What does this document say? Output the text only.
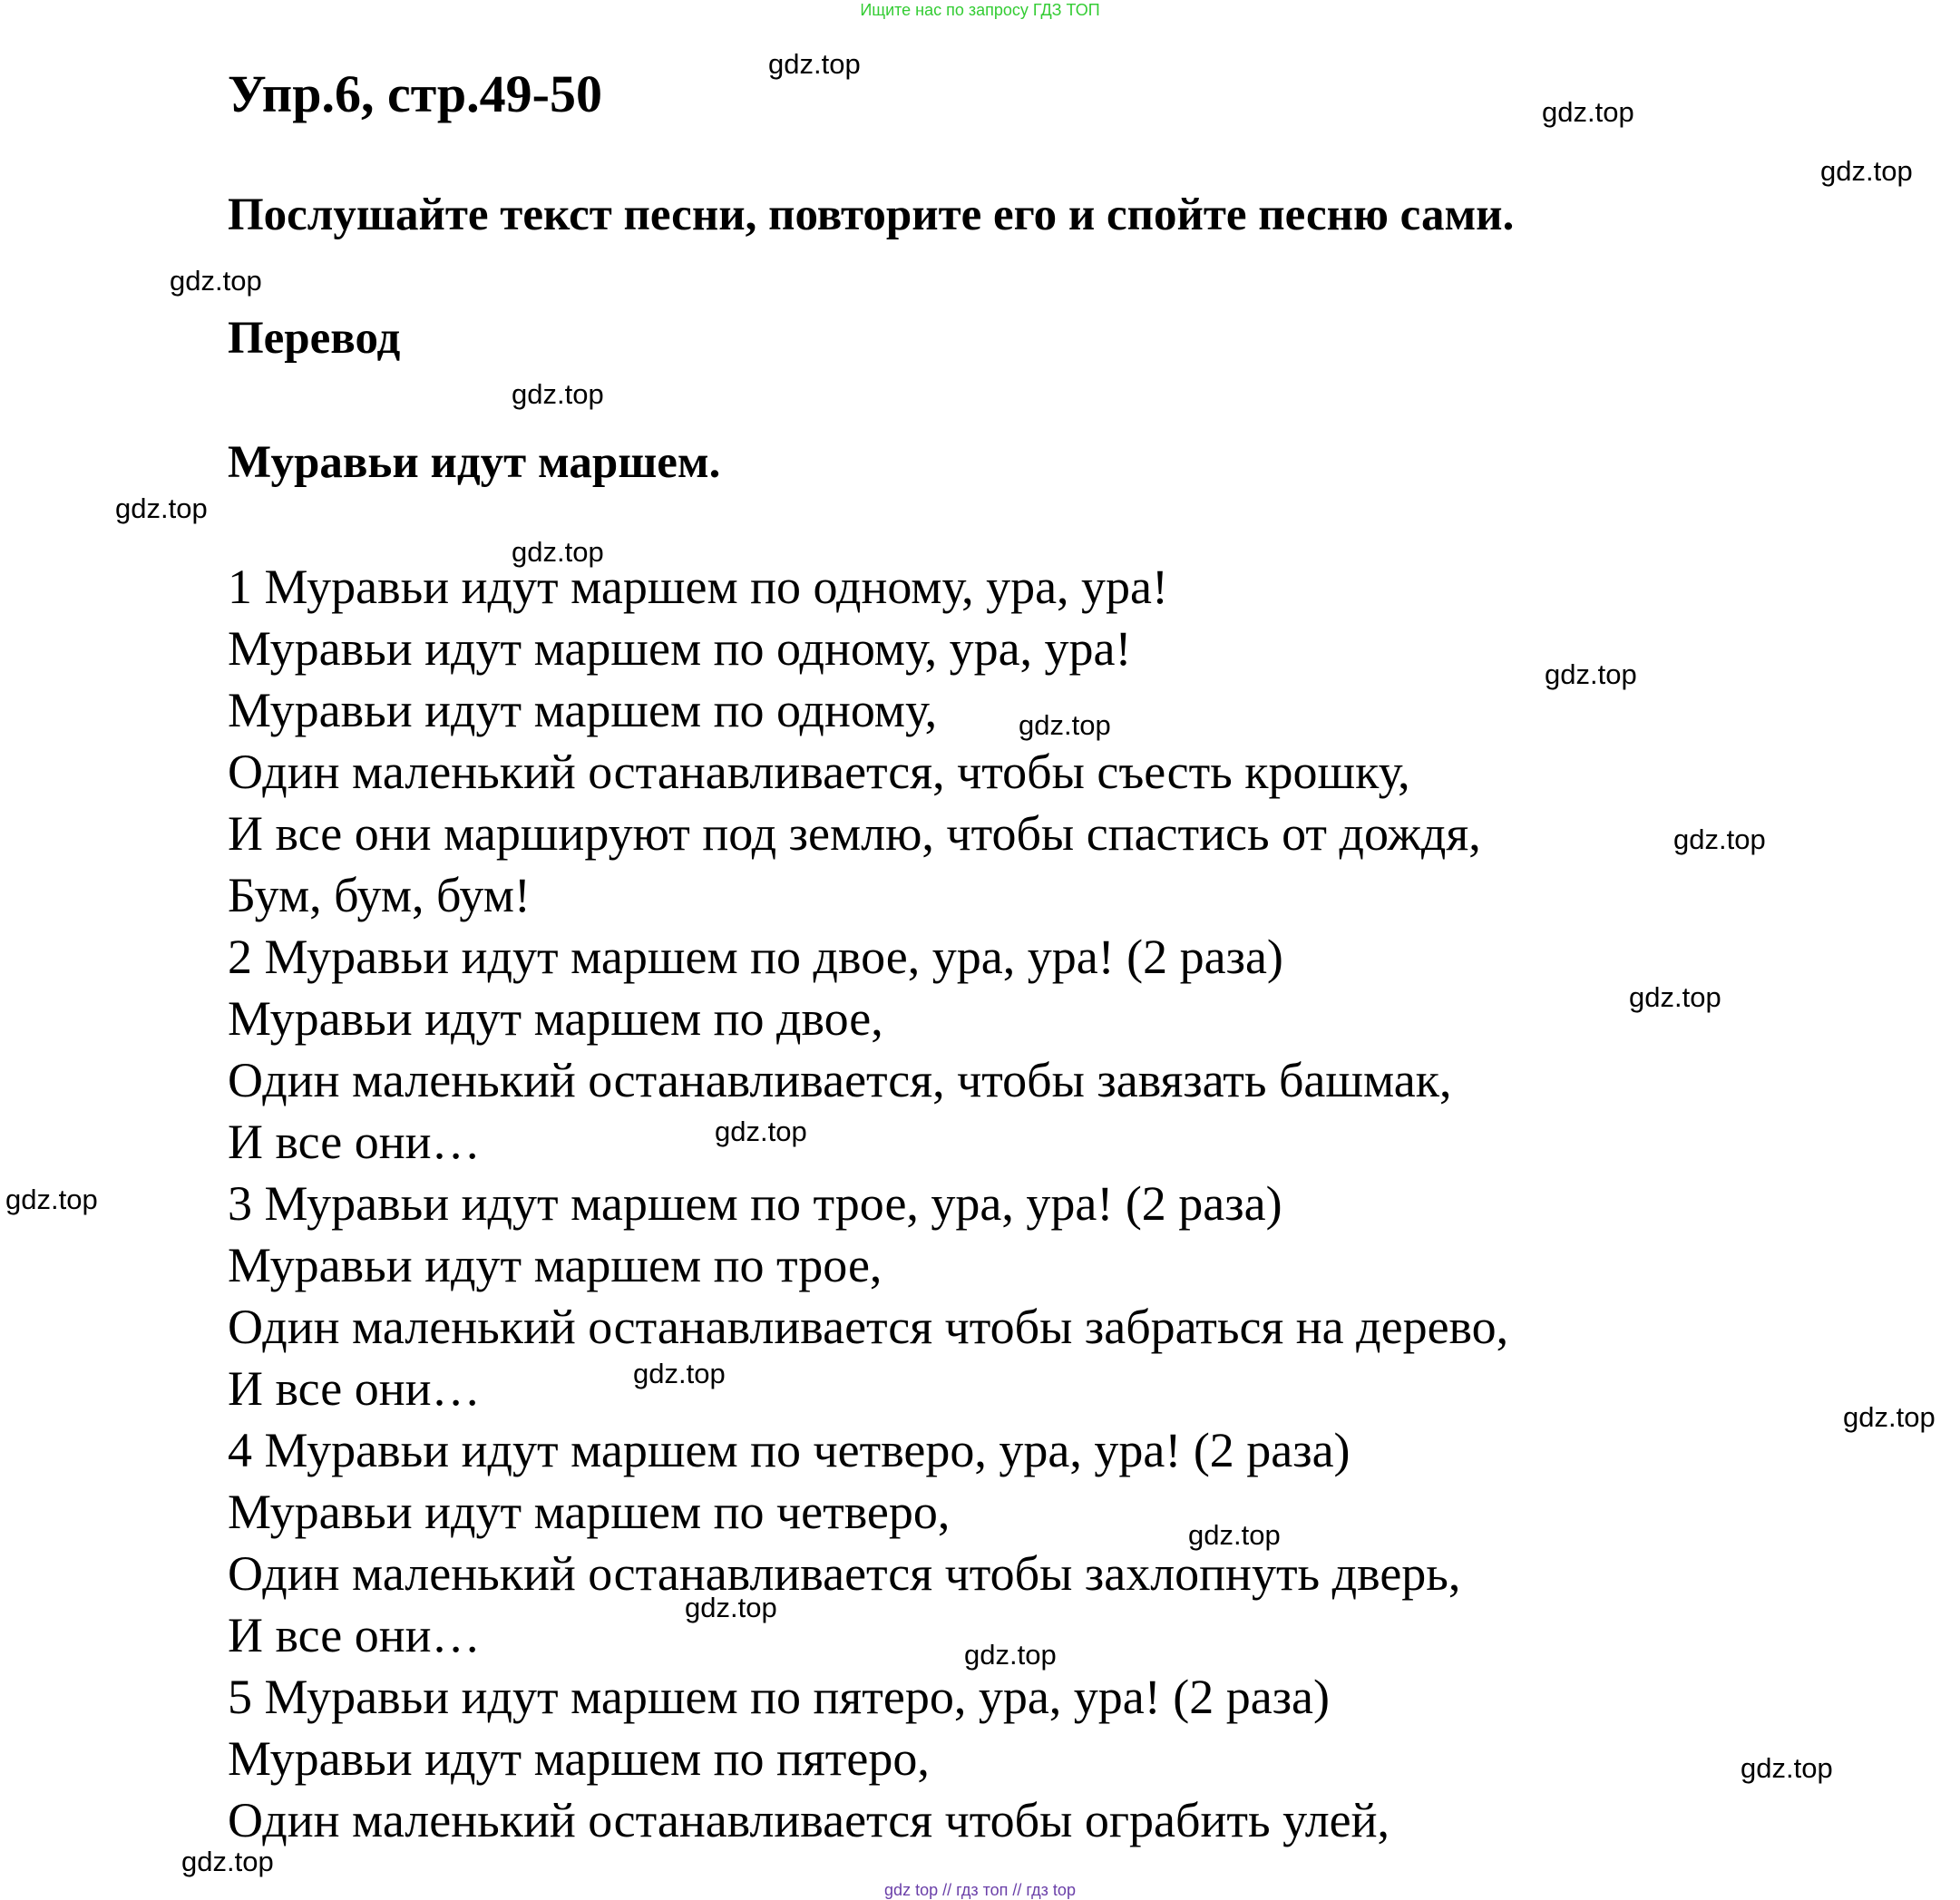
Ищите нас по запросу ГДЗ ТОП
Упр.6, стр.49-50
Послушайте текст песни, повторите его и спойте песню сами.
Перевод
Муравьи идут маршем.
1 Муравьи идут маршем по одному, ура, ура!
Муравьи идут маршем по одному, ура, ура!
Муравьи идут маршем по одному,
Один маленький останавливается, чтобы съесть крошку,
И все они маршируют под землю, чтобы спастись от дождя,
Бум, бум, бум!
2 Муравьи идут маршем по двое, ура, ура! (2 раза)
Муравьи идут маршем по двое,
Один маленький останавливается, чтобы завязать башмак,
И все они…
3 Муравьи идут маршем по трое, ура, ура! (2 раза)
Муравьи идут маршем по трое,
Один маленький останавливается чтобы забраться на дерево,
И все они…
4 Муравьи идут маршем по четверо, ура, ура! (2 раза)
Муравьи идут маршем по четверо,
Один маленький останавливается чтобы захлопнуть дверь,
И все они…
5 Муравьи идут маршем по пятеро, ура, ура! (2 раза)
Муравьи идут маршем по пятеро,
Один маленький останавливается чтобы ограбить улей,
gdz.top
gdz.top
gdz.top
gdz.top
gdz.top
gdz.top
gdz.top
gdz.top
gdz.top
gdz.top
gdz.top
gdz.top
gdz.top
gdz.top
gdz.top
gdz.top
gdz.top
gdz.top
gdz.top
gdz.top
gdz top // гдз топ // гдз top
